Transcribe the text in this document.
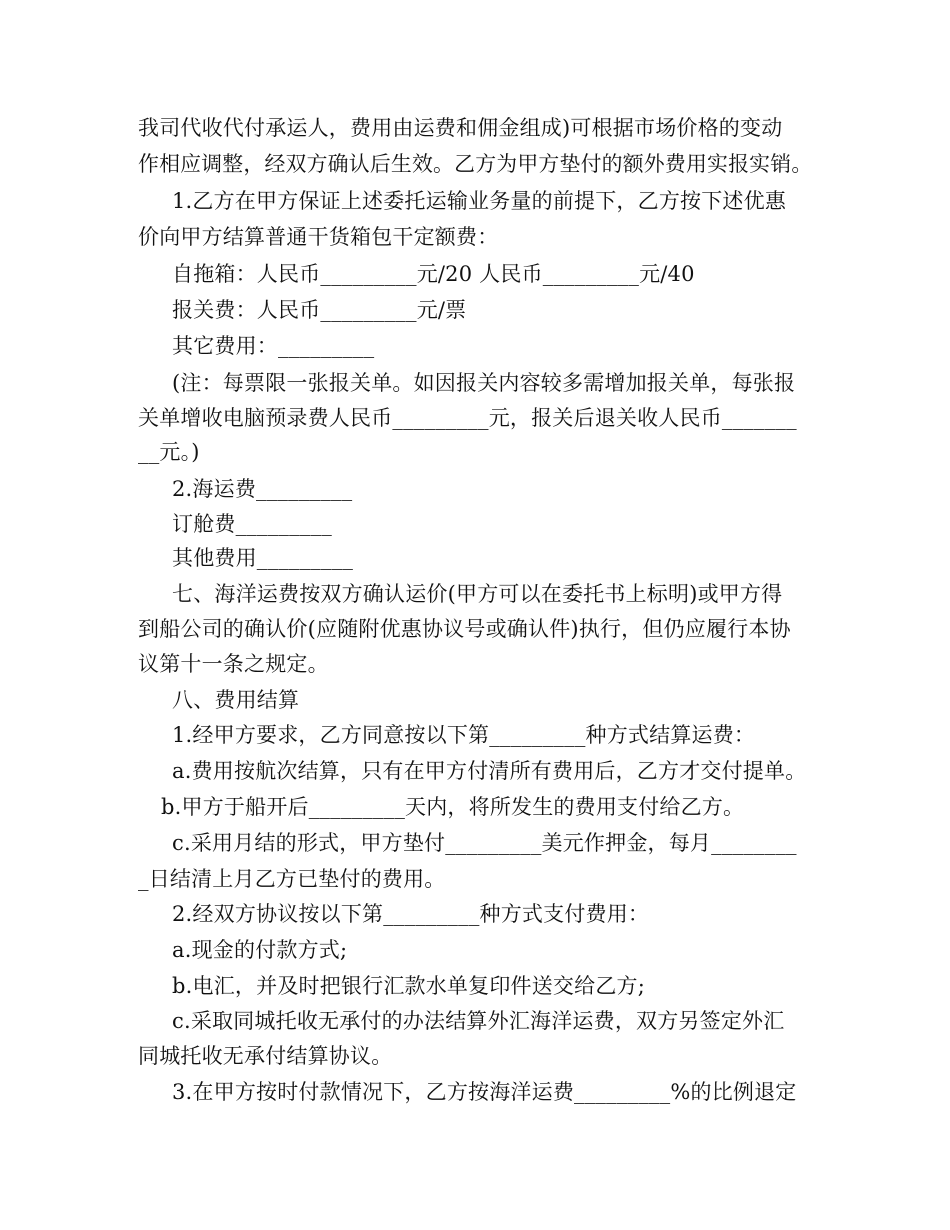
我司代收代付承运人，费用由运费和佣金组成)可根据市场价格的变动
作相应调整，经双方确认后生效。乙方为甲方垫付的额外费用实报实销。
1.乙方在甲方保证上述委托运输业务量的前提下，乙方按下述优惠
价向甲方结算普通干货箱包干定额费：
自拖箱：人民币_________元/20 人民币_________元/40
报关费：人民币_________元/票
其它费用：_________
(注：每票限一张报关单。如因报关内容较多需增加报关单，每张报
关单增收电脑预录费人民币_________元，报关后退关收人民币_______
__元。)
2.海运费_________
订舱费_________
其他费用_________
七、海洋运费按双方确认运价(甲方可以在委托书上标明)或甲方得
到船公司的确认价(应随附优惠协议号或确认件)执行，但仍应履行本协
议第十一条之规定。
八、费用结算
1.经甲方要求，乙方同意按以下第_________种方式结算运费：
a.费用按航次结算，只有在甲方付清所有费用后，乙方才交付提单。
b.甲方于船开后_________天内，将所发生的费用支付给乙方。
c.采用月结的形式，甲方垫付_________美元作押金，每月________
_日结清上月乙方已垫付的费用。
2.经双方协议按以下第_________种方式支付费用：
a.现金的付款方式;
b.电汇，并及时把银行汇款水单复印件送交给乙方;
c.采取同城托收无承付的办法结算外汇海洋运费，双方另签定外汇
同城托收无承付结算协议。
3.在甲方按时付款情况下，乙方按海洋运费_________%的比例退定
